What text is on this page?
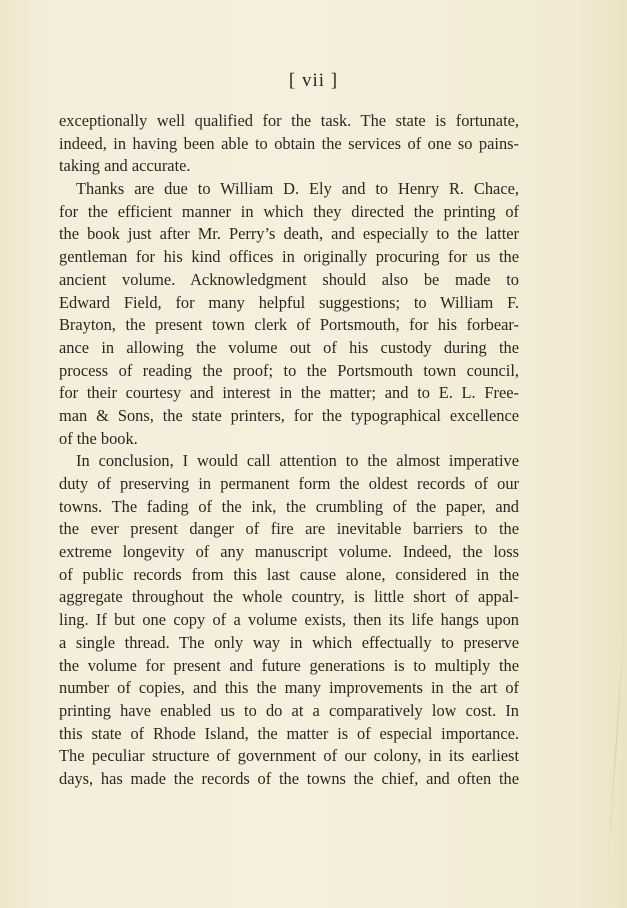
[ vii ]
exceptionally well qualified for the task. The state is fortunate,
indeed, in having been able to obtain the services of one so pains-
taking and accurate.
Thanks are due to William D. Ely and to Henry R. Chace,
for the efficient manner in which they directed the printing of
the book just after Mr. Perry’s death, and especially to the latter
gentleman for his kind offices in originally procuring for us the
ancient volume. Acknowledgment should also be made to
Edward Field, for many helpful suggestions; to William F.
Brayton, the present town clerk of Portsmouth, for his forbear-
ance in allowing the volume out of his custody during the
process of reading the proof; to the Portsmouth town council,
for their courtesy and interest in the matter; and to E. L. Free-
man & Sons, the state printers, for the typographical excellence
of the book.
In conclusion, I would call attention to the almost imperative
duty of preserving in permanent form the oldest records of our
towns. The fading of the ink, the crumbling of the paper, and
the ever present danger of fire are inevitable barriers to the
extreme longevity of any manuscript volume. Indeed, the loss
of public records from this last cause alone, considered in the
aggregate throughout the whole country, is little short of appal-
ling. If but one copy of a volume exists, then its life hangs upon
a single thread. The only way in which effectually to preserve
the volume for present and future generations is to multiply the
number of copies, and this the many improvements in the art of
printing have enabled us to do at a comparatively low cost. In
this state of Rhode Island, the matter is of especial importance.
The peculiar structure of government of our colony, in its earliest
days, has made the records of the towns the chief, and often the
